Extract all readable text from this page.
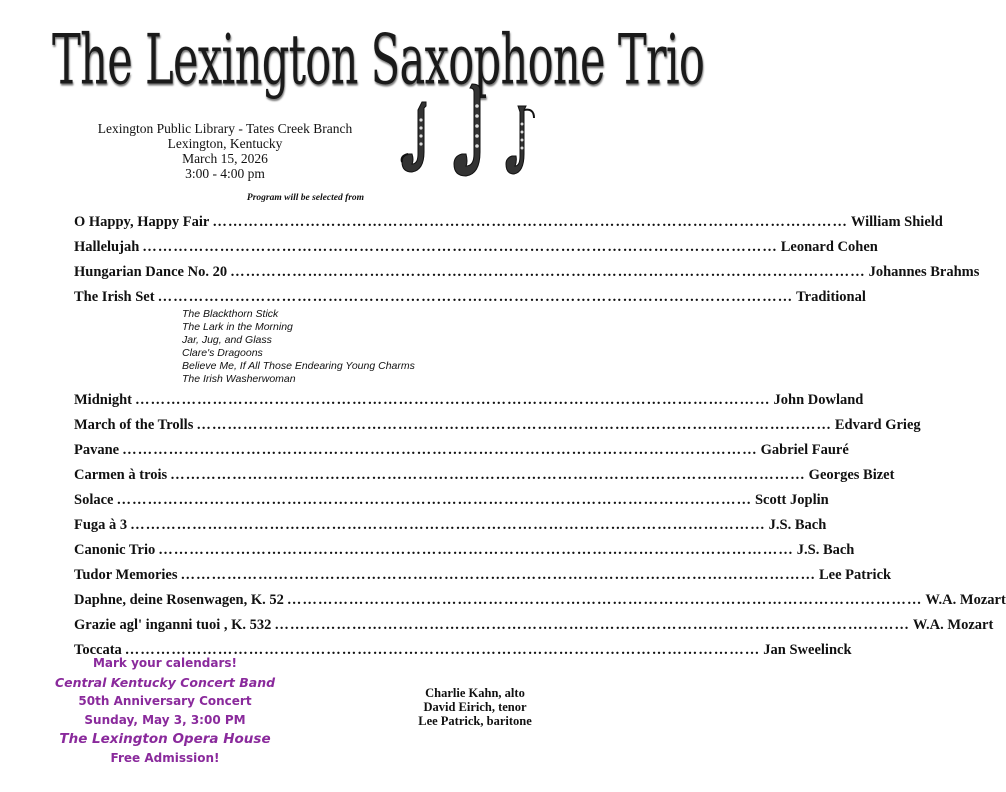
The Lexington Saxophone Trio
Lexington Public Library - Tates Creek Branch
Lexington, Kentucky
March 15, 2026
3:00 - 4:00 pm
Program will be selected from
O Happy, Happy Fair ……………………………………………………………………………………………………………	William Shield
Hallelujah ……………………………………………………………………………………………………………	Leonard Cohen
Hungarian Dance No. 20 ……………………………………………………………………………………………………………	Johannes Brahms
The Irish Set ……………………………………………………………………………………………………………	Traditional
The Blackthorn Stick
The Lark in the Morning
Jar, Jug, and Glass
Clare's Dragoons
Believe Me, If All Those Endearing Young Charms
The Irish Washerwoman
Midnight ……………………………………………………………………………………………………………	John Dowland
March of the Trolls ……………………………………………………………………………………………………………	Edvard Grieg
Pavane ……………………………………………………………………………………………………………	Gabriel Fauré
Carmen à trois ……………………………………………………………………………………………………………	Georges Bizet
Solace ……………………………………………………………………………………………………………	Scott Joplin
Fuga à 3 ……………………………………………………………………………………………………………	J.S. Bach
Canonic Trio ……………………………………………………………………………………………………………	J.S. Bach
Tudor Memories ……………………………………………………………………………………………………………	Lee Patrick
Daphne, deine Rosenwagen, K. 52 ……………………………………………………………………………………………………………	W.A. Mozart
Grazie agl' inganni tuoi , K. 532 ……………………………………………………………………………………………………………	W.A. Mozart
Toccata ……………………………………………………………………………………………………………	Jan Sweelinck
Mark your calendars!
Central Kentucky Concert Band
50th Anniversary Concert
Sunday, May 3, 3:00 PM
The Lexington Opera House
Free Admission!
Charlie Kahn, alto
David Eirich, tenor
Lee Patrick, baritone
